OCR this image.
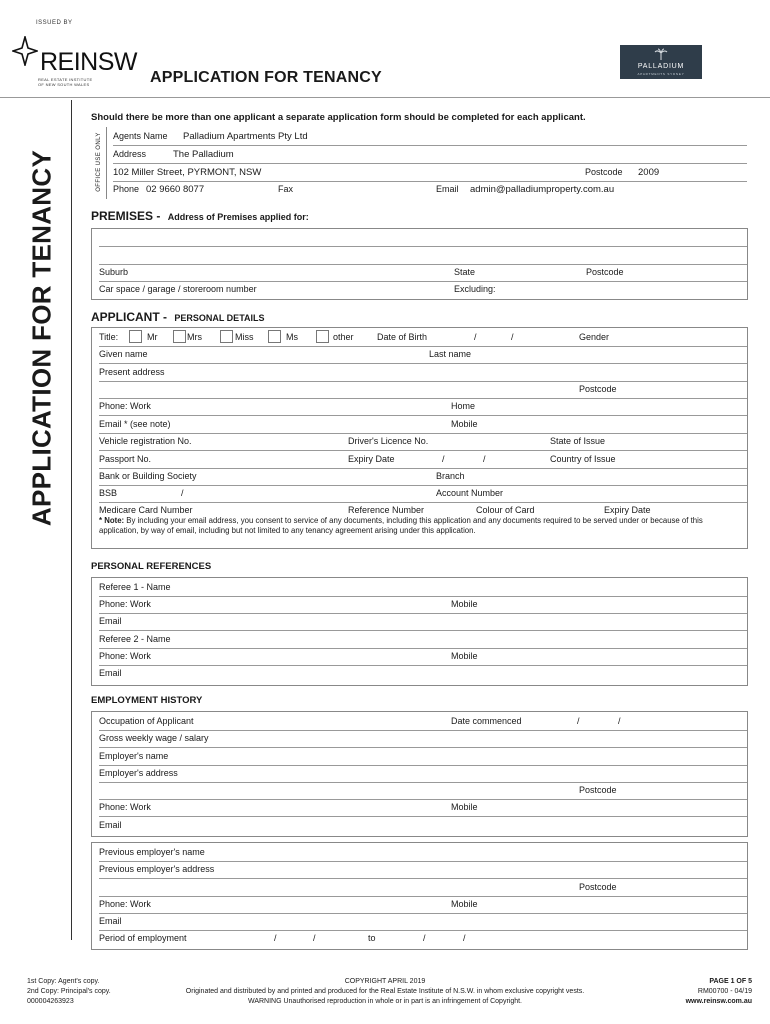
ISSUED BY
REINSW
REAL ESTATE INSTITUTE
OF NEW SOUTH WALES
PALLADIUM
APARTMENTS SYDNEY
APPLICATION FOR TENANCY
APPLICATION FOR TENANCY
Should there be more than one applicant a separate application form should be completed for each applicant.
OFFICE USE ONLY Agents Name Palladium Apartments Pty Ltd
Address	The Palladium
102 Miller Street, PYRMONT, NSW	Postcode 2009
Phone 02 9660 8077	Fax	Email admin@palladiumproperty.com.au
PREMISES - Address of Premises applied for:
Suburb	State	Postcode
Car space / garage / storeroom number	Excluding:
APPLICANT - PERSONAL DETAILS
Title:	Mr	Mrs	Miss	Ms	other	Date of Birth	/	/	Gender
Given name	Last name
Present address
Postcode
Phone: Work	Home
Email * (see note)	Mobile
Vehicle registration No.	Driver's Licence No.	State of Issue
Passport No.	Expiry Date	/	/	Country of Issue
Bank or Building Society	Branch
BSB	/	Account Number
Medicare Card Number	Reference Number	Colour of Card	Expiry Date
* Note: By including your email address, you consent to service of any documents, including this application and any documents required to be served under or because of this application, by way of email, including but not limited to any tenancy agreement arising under this application.
PERSONAL REFERENCES
Referee 1 - Name
Phone: Work	Mobile
Email
Referee 2 - Name
Phone: Work	Mobile
Email
EMPLOYMENT HISTORY
Occupation of Applicant	Date commenced	/	/
Gross weekly wage / salary
Employer's name
Employer's address
Postcode
Phone: Work	Mobile
Email
Previous employer's name
Previous employer's address
Postcode
Phone: Work	Mobile
Email
Period of employment	/	/	to	/	/
1st Copy: Agent's copy.
2nd Copy: Principal's copy.
000004263923
COPYRIGHT APRIL 2019
Originated and distributed by and printed and produced for the Real Estate Institute of N.S.W. in whom exclusive copyright vests.
WARNING Unauthorised reproduction in whole or in part is an infringement of Copyright.
PAGE 1 OF 5
RM00700 - 04/19
www.reinsw.com.au
